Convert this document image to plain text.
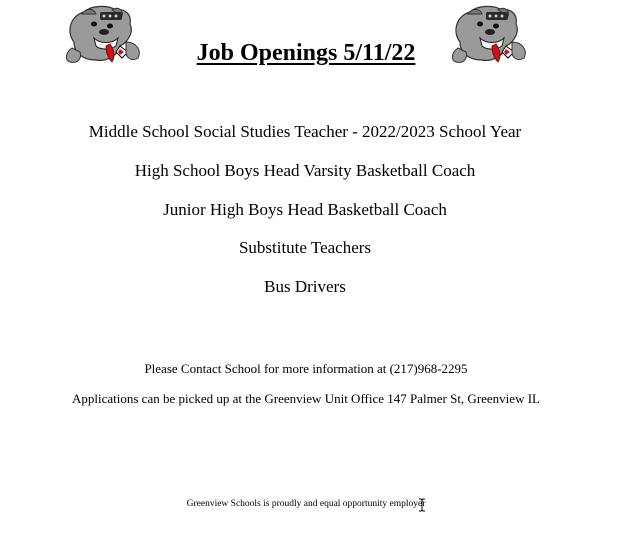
Job Openings 5/11/22
Middle School Social Studies Teacher - 2022/2023 School Year
High School Boys Head Varsity Basketball Coach
Junior High Boys Head Basketball Coach
Substitute Teachers
Bus Drivers
Please Contact School for more information at (217)968-2295
Applications can be picked up at the Greenview Unit Office 147 Palmer St, Greenview IL
Greenview Schools is proudly and equal opportunity employer
